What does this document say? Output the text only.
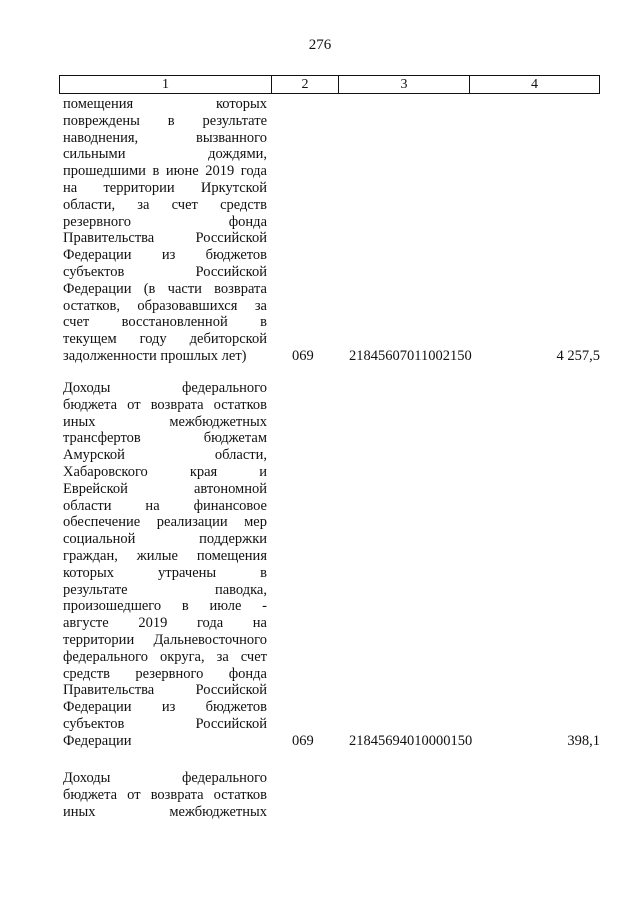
276
1	2	3	4
помещения которых
повреждены в результате
наводнения, вызванного
сильными дождями,
прошедшими в июне 2019 года
на территории Иркутской
области, за счет средств
резервного фонда
Правительства Российской
Федерации из бюджетов
субъектов Российской
Федерации (в части возврата
остатков, образовавшихся за
счет восстановленной в
текущем году дебиторской
задолженности прошлых лет)	069	21845607011002150	4 257,5
Доходы федерального
бюджета от возврата остатков
иных межбюджетных
трансфертов бюджетам
Амурской области,
Хабаровского края и
Еврейской автономной
области на финансовое
обеспечение реализации мер
социальной поддержки
граждан, жилые помещения
которых утрачены в
результате паводка,
произошедшего в июле -
августе 2019 года на
территории Дальневосточного
федерального округа, за счет
средств резервного фонда
Правительства Российской
Федерации из бюджетов
субъектов Российской
Федерации	069	21845694010000150	398,1
Доходы федерального
бюджета от возврата остатков
иных межбюджетных
